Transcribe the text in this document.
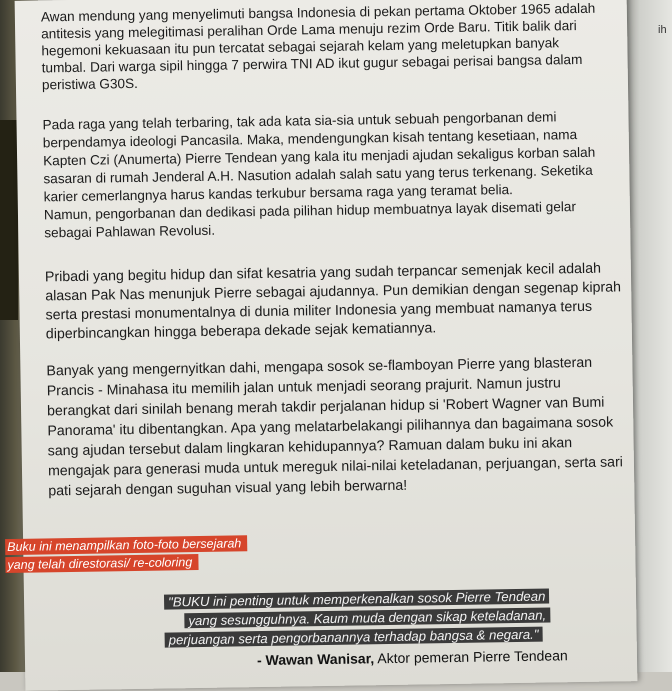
ih
Awan mendung yang menyelimuti bangsa Indonesia di pekan pertama Oktober 1965 adalah
antitesis yang melegitimasi peralihan Orde Lama menuju rezim Orde Baru. Titik balik dari
hegemoni kekuasaan itu pun tercatat sebagai sejarah kelam yang meletupkan banyak
tumbal. Dari warga sipil hingga 7 perwira TNI AD ikut gugur sebagai perisai bangsa dalam
peristiwa G30S.
Pada raga yang telah terbaring, tak ada kata sia-sia untuk sebuah pengorbanan demi
berpendamya ideologi Pancasila. Maka, mendengungkan kisah tentang kesetiaan, nama
Kapten Czi (Anumerta) Pierre Tendean yang kala itu menjadi ajudan sekaligus korban salah
sasaran di rumah Jenderal A.H. Nasution adalah salah satu yang terus terkenang. Seketika
karier cemerlangnya harus kandas terkubur bersama raga yang teramat belia.
Namun, pengorbanan dan dedikasi pada pilihan hidup membuatnya layak disemati gelar
sebagai Pahlawan Revolusi.
Pribadi yang begitu hidup dan sifat kesatria yang sudah terpancar semenjak kecil adalah
alasan Pak Nas menunjuk Pierre sebagai ajudannya. Pun demikian dengan segenap kiprah
serta prestasi monumentalnya di dunia militer Indonesia yang membuat namanya terus
diperbincangkan hingga beberapa dekade sejak kematiannya.
Banyak yang mengernyitkan dahi, mengapa sosok se-flamboyan Pierre yang blasteran
Prancis - Minahasa itu memilih jalan untuk menjadi seorang prajurit. Namun justru
berangkat dari sinilah benang merah takdir perjalanan hidup si 'Robert Wagner van Bumi
Panorama' itu dibentangkan. Apa yang melatarbelakangi pilihannya dan bagaimana sosok
sang ajudan tersebut dalam lingkaran kehidupannya? Ramuan dalam buku ini akan
mengajak para generasi muda untuk mereguk nilai-nilai keteladanan, perjuangan, serta sari
pati sejarah dengan suguhan visual yang lebih berwarna!
Buku ini menampilkan foto-foto bersejarah
yang telah direstorasi/ re-coloring
"BUKU ini penting untuk memperkenalkan sosok Pierre Tendean
yang sesungguhnya. Kaum muda dengan sikap keteladanan,
perjuangan serta pengorbanannya terhadap bangsa & negara."
- Wawan Wanisar, Aktor pemeran Pierre Tendean
